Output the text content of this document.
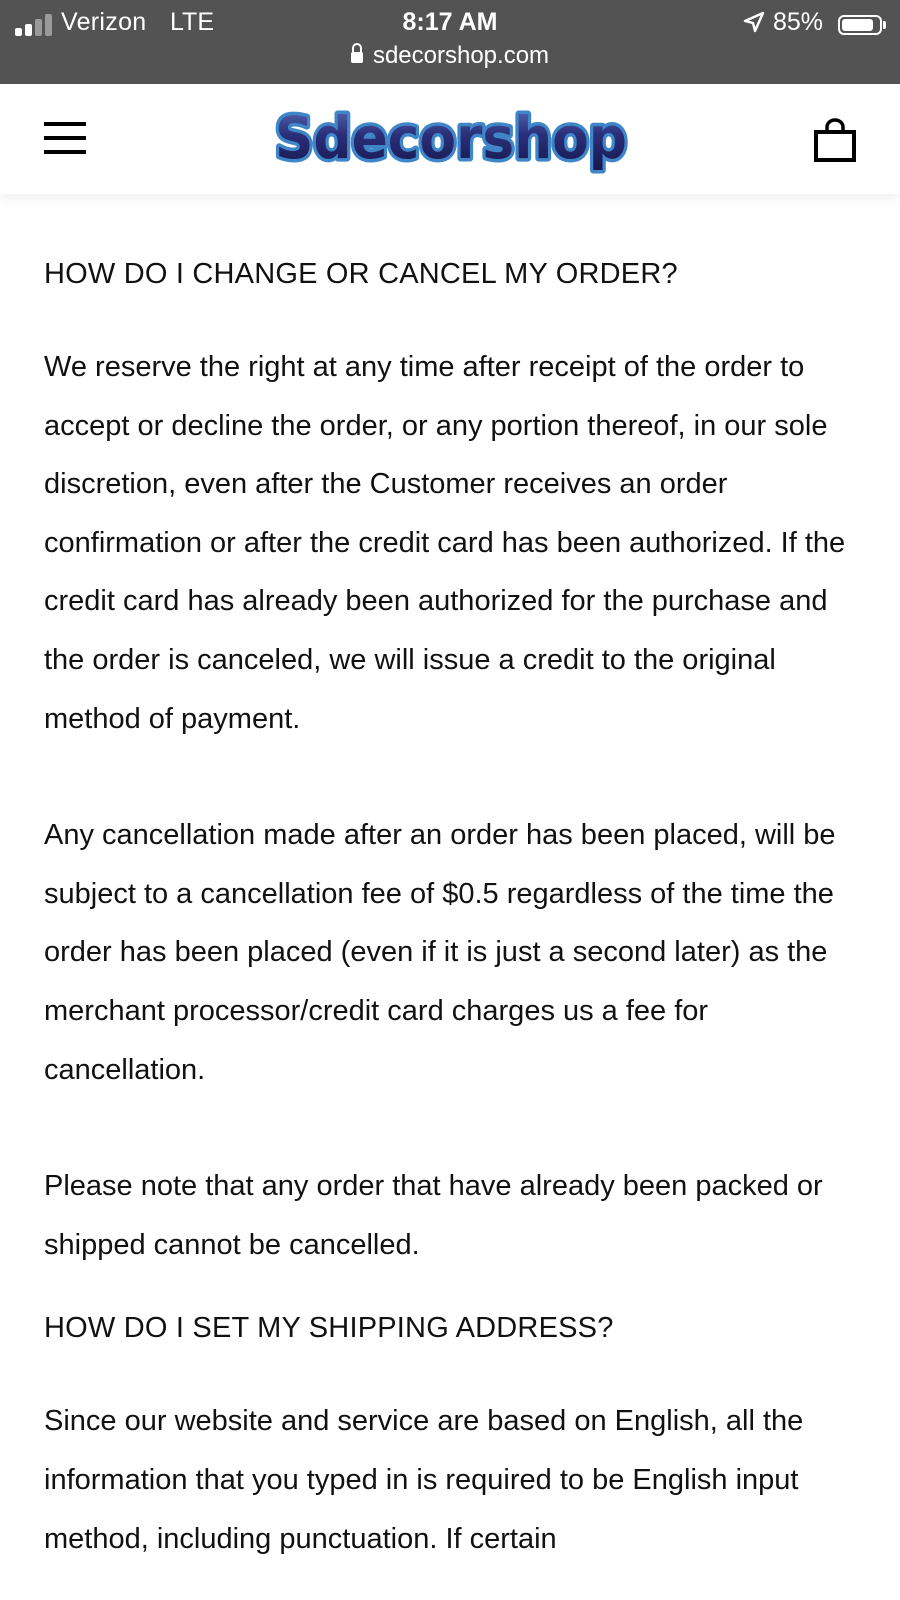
Verizon LTE	8:17 AM	85%
sdecorshop.com
Sdecorshop
HOW DO I CHANGE OR CANCEL MY ORDER?

We reserve the right at any time after receipt of the order to accept or decline the order, or any portion thereof, in our sole discretion, even after the Customer receives an order confirmation or after the credit card has been authorized. If the credit card has already been authorized for the purchase and the order is canceled, we will issue a credit to the original method of payment.

Any cancellation made after an order has been placed, will be subject to a cancellation fee of $0.5 regardless of the time the order has been placed (even if it is just a second later) as the merchant processor/credit card charges us a fee for cancellation.

Please note that any order that have already been packed or shipped cannot be cancelled.

HOW DO I SET MY SHIPPING ADDRESS?

Since our website and service are based on English, all the information that you typed in is required to be English input method, including punctuation. If certain
